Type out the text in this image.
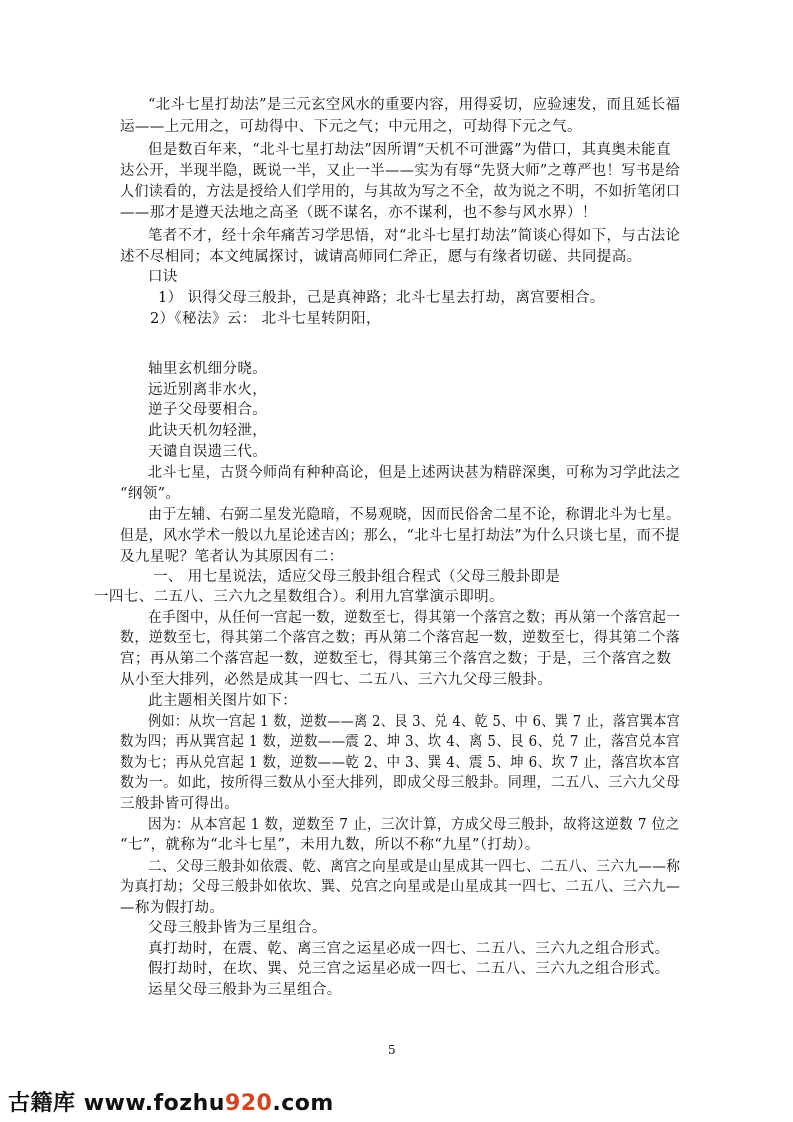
“北斗七星打劫法”是三元玄空风水的重要内容，用得妥切，应验速发，而且延长福
运——上元用之，可劫得中、下元之气；中元用之，可劫得下元之气。
但是数百年来，“北斗七星打劫法”因所谓“天机不可泄露”为借口，其真奥未能直
达公开，半现半隐，既说一半，又止一半——实为有辱“先贤大师”之尊严也！写书是给
人们读看的，方法是授给人们学用的，与其故为写之不全，故为说之不明，不如折笔闭口
——那才是遵天法地之高圣（既不谋名，亦不谋利，也不参与风水界）！
笔者不才，经十余年痛苦习学思悟，对“北斗七星打劫法”简谈心得如下，与古法论
述不尽相同；本文纯属探讨，诚请高师同仁斧正，愿与有缘者切磋、共同提高。
口诀
1） 识得父母三般卦，己是真神路；北斗七星去打劫，离宫要相合。
2）《秘法》云： 北斗七星转阴阳，
轴里玄机细分晓。
远近别离非水火，
逆子父母要相合。
此诀天机勿轻泄，
天谴自误遗三代。
北斗七星，古贤今师尚有种种高论，但是上述两诀甚为精辟深奥，可称为习学此法之
“纲领”。
由于左辅、右弼二星发光隐暗，不易观晓，因而民俗舍二星不论，称谓北斗为七星。
但是，风水学术一般以九星论述吉凶；那么，“北斗七星打劫法”为什么只谈七星，而不提
及九星呢？笔者认为其原因有二：
一、 用七星说法，适应父母三般卦组合程式（父母三般卦即是
一四七、二五八、三六九之星数组合）。利用九宫掌演示即明。
在手图中，从任何一宫起一数，逆数至七，得其第一个落宫之数；再从第一个落宫起一
数，逆数至七，得其第二个落宫之数；再从第二个落宫起一数，逆数至七，得其第二个落
宫；再从第二个落宫起一数，逆数至七，得其第三个落宫之数；于是，三个落宫之数
从小至大排列，必然是成其一四七、二五八、三六九父母三般卦。
此主题相关图片如下：
例如：从坎一宫起 1 数，逆数——离 2、艮 3、兑 4、乾 5、中 6、巽 7 止，落宫巽本宫
数为四；再从巽宫起 1 数，逆数——震 2、坤 3、坎 4、离 5、艮 6、兑 7 止，落宫兑本宫
数为七；再从兑宫起 1 数，逆数——乾 2、中 3、巽 4、震 5、坤 6、坎 7 止，落宫坎本宫
数为一。如此，按所得三数从小至大排列，即成父母三般卦。同理，二五八、三六九父母
三般卦皆可得出。
因为：从本宫起 1 数，逆数至 7 止，三次计算，方成父母三般卦，故将这逆数 7 位之
“七”，就称为“北斗七星”，未用九数，所以不称“九星”（打劫）。
二、父母三般卦如依震、乾、离宫之向星或是山星成其一四七、二五八、三六九——称
为真打劫；父母三般卦如依坎、巽、兑宫之向星或是山星成其一四七、二五八、三六九—
—称为假打劫。
父母三般卦皆为三星组合。
真打劫时，在震、乾、离三宫之运星必成一四七、二五八、三六九之组合形式。
假打劫时，在坎、巽、兑三宫之运星必成一四七、二五八、三六九之组合形式。
运星父母三般卦为三星组合。
5
古籍库 www.fozhu920.com
